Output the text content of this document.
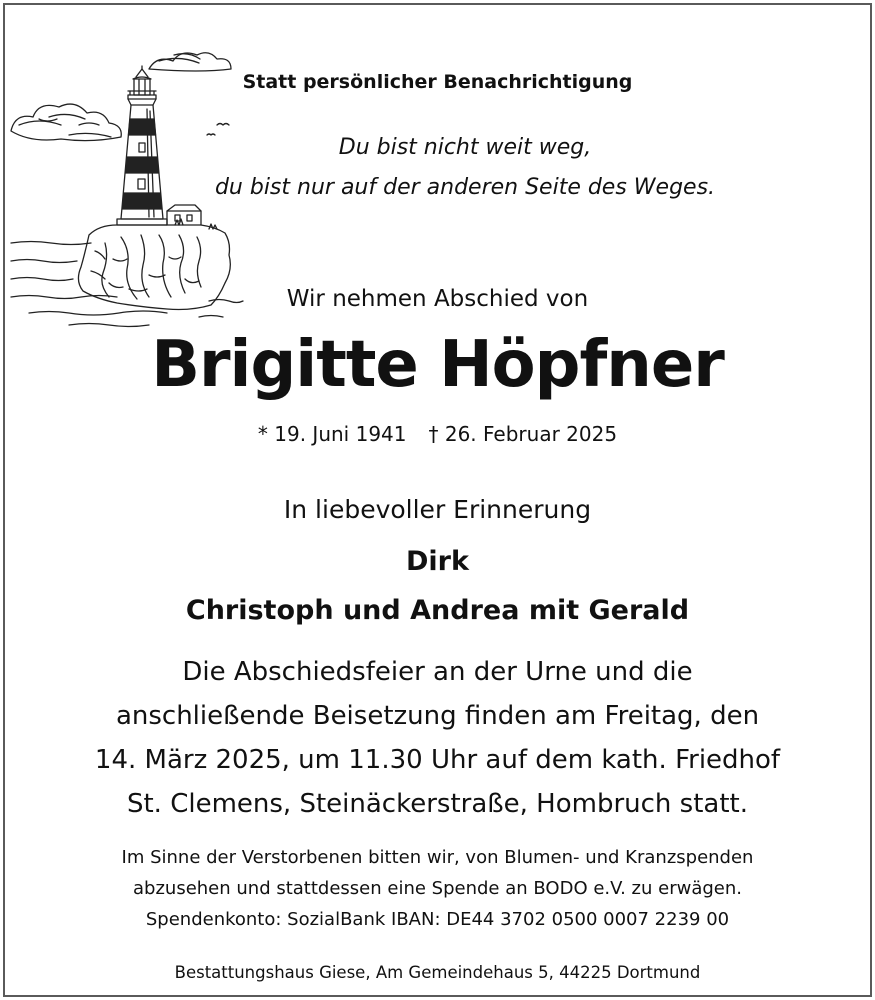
Statt persönlicher Benachrichtigung
Du bist nicht weit weg,
du bist nur auf der anderen Seite des Weges.
Wir nehmen Abschied von
Brigitte Höpfner
* 19. Juni 1941 † 26. Februar 2025
In liebevoller Erinnerung
Dirk
Christoph und Andrea mit Gerald
Die Abschiedsfeier an der Urne und die
anschließende Beisetzung finden am Freitag, den
14. März 2025, um 11.30 Uhr auf dem kath. Friedhof
St. Clemens, Steinäckerstraße, Hombruch statt.
Im Sinne der Verstorbenen bitten wir, von Blumen- und Kranzspenden
abzusehen und stattdessen eine Spende an BODO e.V. zu erwägen.
Spendenkonto: SozialBank IBAN: DE44 3702 0500 0007 2239 00
Bestattungshaus Giese, Am Gemeindehaus 5, 44225 Dortmund
